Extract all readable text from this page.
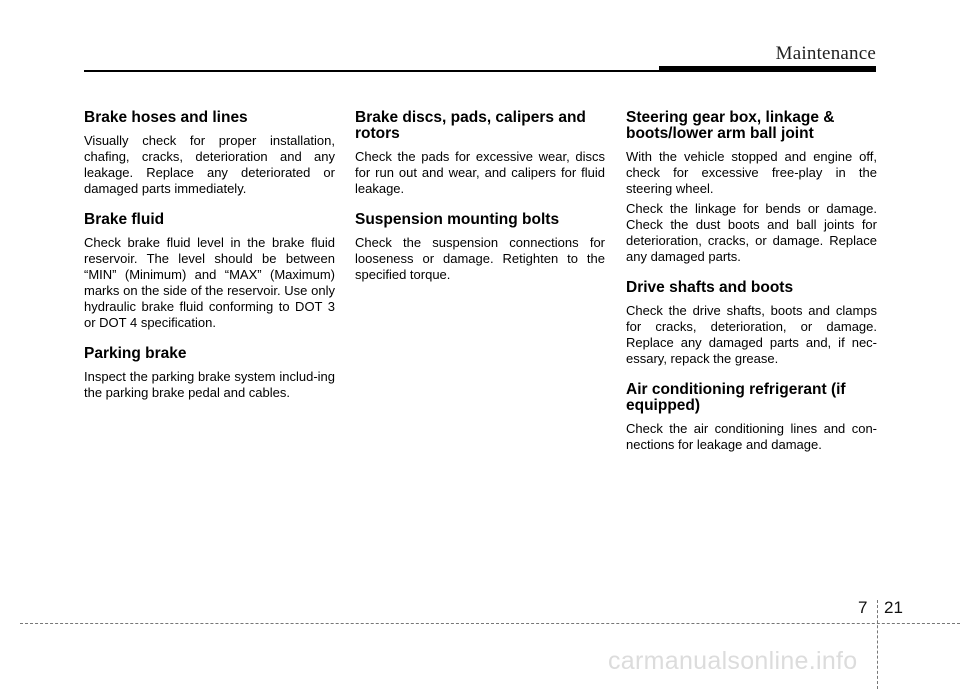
Maintenance
Brake hoses and lines

Visually check for proper installation, chafing, cracks, deterioration and any leakage. Replace any deteriorated or damaged parts immediately.

Brake fluid

Check brake fluid level in the brake fluid reservoir. The level should be between “MIN” (Minimum) and “MAX” (Maximum) marks on the side of the reservoir. Use only hydraulic brake fluid conforming to DOT 3 or DOT 4 specification.

Parking brake

Inspect the parking brake system includ-ing the parking brake pedal and cables.

Brake discs, pads, calipers and rotors

Check the pads for excessive wear, discs for run out and wear, and calipers for fluid leakage.

Suspension mounting bolts

Check the suspension connections for looseness or damage. Retighten to the specified torque.

Steering gear box, linkage & boots/lower arm ball joint

With the vehicle stopped and engine off, check for excessive free-play in the steering wheel.

Check the linkage for bends or damage. Check the dust boots and ball joints for deterioration, cracks, or damage. Replace any damaged parts.

Drive shafts and boots

Check the drive shafts, boots and clamps for cracks, deterioration, or damage. Replace any damaged parts and, if nec-essary, repack the grease.

Air conditioning refrigerant (if equipped)

Check the air conditioning lines and con-nections for leakage and damage.

7 21
carmanualsonline.info
